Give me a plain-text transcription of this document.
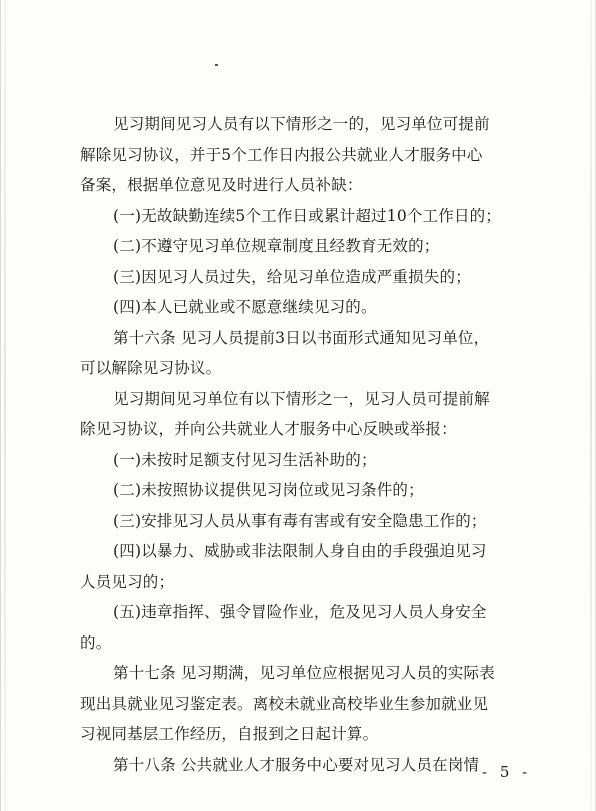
见习期间见习人员有以下情形之一的，见习单位可提前
解除见习协议，并于5个工作日内报公共就业人才服务中心
备案，根据单位意见及时进行人员补缺：
(一)无故缺勤连续5个工作日或累计超过10个工作日的；
(二)不遵守见习单位规章制度且经教育无效的；
(三)因见习人员过失，给见习单位造成严重损失的；
(四)本人已就业或不愿意继续见习的。
第十六条 见习人员提前3日以书面形式通知见习单位，
可以解除见习协议。
见习期间见习单位有以下情形之一，见习人员可提前解
除见习协议，并向公共就业人才服务中心反映或举报：
(一)未按时足额支付见习生活补助的；
(二)未按照协议提供见习岗位或见习条件的；
(三)安排见习人员从事有毒有害或有安全隐患工作的；
(四)以暴力、威胁或非法限制人身自由的手段强迫见习
人员见习的；
(五)违章指挥、强令冒险作业，危及见习人员人身安全
的。
第十七条 见习期满，见习单位应根据见习人员的实际表
现出具就业见习鉴定表。离校未就业高校毕业生参加就业见
习视同基层工作经历，自报到之日起计算。
第十八条 公共就业人才服务中心要对见习人员在岗情 - 5 -
